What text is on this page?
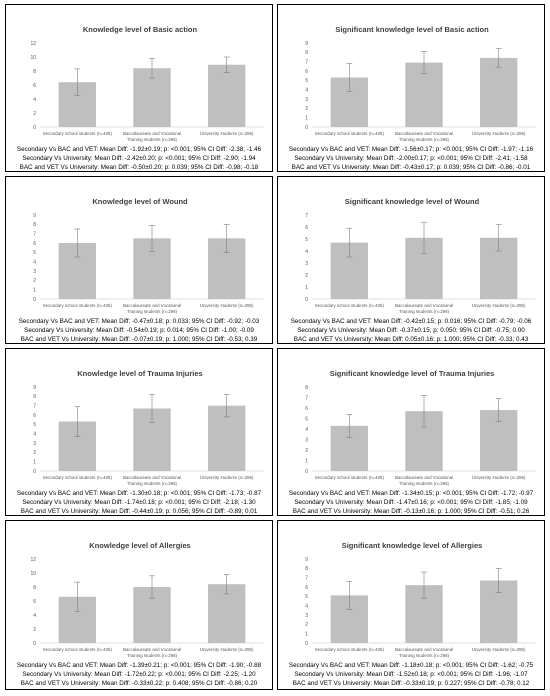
Knowledge level of Basic action
0
2
4
6
8
10
12
Secondary school students (n=405)	Baccalaureate and Vocational Training students (n=298)
University students (n=395)
Secondary Vs BAC and VET: Mean Diff: -1.92±0.19; p: <0.001; 95% CI Diff: -2.38; -1.46
Secondary Vs University: Mean Diff: -2.42±0.20; p: <0.001; 95% CI Diff: -2.90; -1.94
BAC and VET Vs University: Mean Diff: -0.50±0.20; p: 0.039; 95% CI Diff: -0.98; -0.18
Significant knowledge level of Basic action
0
1
2
3
4
5
6
7
8
9
Secondary school students (n=405)	Baccalaureate and Vocational Training students (n=298)
University students (n=395)
Secondary Vs BAC and VET: Mean Diff: -1.56±0.17; p: <0.001; 95% CI Diff: -1.97; -1.16
Secondary Vs University: Mean Diff: -2.00±0.17; p: <0.001; 95% CI Diff: -2.41; -1.58
BAC and VET Vs University: Mean Diff: -0.43±0.17; p: 0.039; 95% CI Diff: -0.86; -0.01
Knowledge level of Wound
0
1
2
3
4
5
6
7
8
9
Secondary school students (n=405)	Baccalaureate and Vocational Training students (n=298)
University students (n=395)
Secondary Vs BAC and VET: Mean Diff: -0.47±0.18; p: 0.033; 95% CI Diff: -0.92; -0.03
Secondary Vs University: Mean Diff: -0.54±0.19; p: 0.014; 95% CI Diff: -1.00; -0.09
BAC and VET Vs University: Mean Diff: -0.07±0.19; p: 1.000; 95% CI Diff: -0.53; 0.39
Significant knowledge level of Wound
0
1
2
3
4
5
6
7
Secondary school students (n=405)	Baccalaureate and Vocational Training students (n=298)
University students (n=395)
Secondary Vs BAC and VET: Mean Diff: -0.42±0.15; p: 0.016; 95% CI Diff: -0.79; -0.06
Secondary Vs University: Mean Diff: -0.37±0.15; p: 0.050; 95% CI Diff: -0.75; 0.00
BAC and VET Vs University: Mean Diff: 0.05±0.16; p: 1.000; 95% CI Diff: -0.33; 0.43
Knowledge level of Trauma Injuries
0
1
2
3
4
5
6
7
8
9
Secondary school students (n=405)	Baccalaureate and Vocational Training students (n=298)
University students (n=395)
Secondary Vs BAC and VET: Mean Diff: -1.30±0.18; p: <0.001; 95% CI Diff: -1.73; -0.87
Secondary Vs University: Mean Diff: -1.74±0.18; p: <0.001; 95% CI Diff: -2.18; -1.30
BAC and VET Vs University: Mean Diff: -0.44±0.19; p: 0.056; 95% CI Diff: -0.89; 0.01
Significant knowledge level of Trauma Injuries
0
1
2
3
4
5
6
7
8
Secondary school students (n=405)	Baccalaureate and Vocational Training students (n=298)
University students (n=395)
Secondary Vs BAC and VET: Mean Diff: -1.34±0.15; p: <0.001; 95% CI Diff: -1.72; -0.97
Secondary Vs University: Mean Diff: -1.47±0.16; p: <0.001; 95% CI Diff: -1.85; -1.09
BAC and VET Vs University: Mean Diff: -0.13±0.16; p: 1.000; 95% CI Diff: -0.51; 0.26
Knowledge level of Allergies
0
2
4
6
8
10
12
Secondary school students (n=405)	Baccalaureate and Vocational Training students (n=298)
University students (n=395)
Secondary Vs BAC and VET: Mean Diff: -1.39±0.21; p: <0.001; 95% CI Diff: -1.90; -0.88
Secondary Vs University: Mean Diff: -1.72±0.22; p: <0.001; 95% CI Diff: -2.25; -1.20
BAC and VET Vs University: Mean Diff: -0.33±0.22; p: 0.408; 95% CI Diff: -0.86; 0.20
Significant knowledge level of Allergies
0
1
2
3
4
5
6
7
8
9
Secondary school students (n=405)	Baccalaureate and Vocational Training students (n=298)
University students (n=395)
Secondary Vs BAC and VET: Mean Diff: -1.18±0.18; p: <0.001; 95% CI Diff: -1.62; -0.75
Secondary Vs University: Mean Diff: -1.52±0.18; p: <0.001; 95% CI Diff: -1.96; -1.07
BAC and VET Vs University: Mean Diff: -0.33±0.19; p: 0.227; 95% CI Diff: -0.78; 0.12
